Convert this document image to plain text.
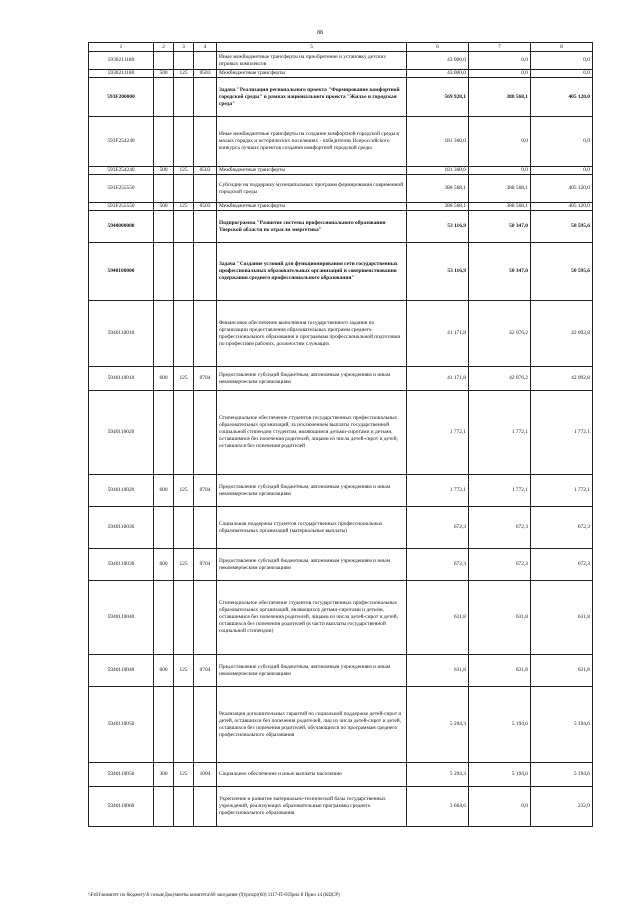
88
1	2	3	4	5	6	7	8
5930211180				Иные межбюджетные трансферты на приобретение и установку детских игровых комплексов	43 000,0	0,0	0,0
5930211180	500	125	0503	Межбюджетные трансферты	43 000,0	0,0	0,0
593F200000				Задача "Реализация регионального проекта "Формирование комфортной городской среды" в рамках национального проекта "Жилье и городская среда"	569 928,1	388 568,1	405 120,0
593F254240				Иные межбюджетные трансферты на создание комфортной городской среды в малых городах и исторических поселениях - победителях Всероссийского конкурса лучших проектов создания комфортной городской среды	181 360,0	0,0	0,0
593F254240	500	125	0503	Межбюджетные трансферты	181 360,0	0,0	0,0
593F255550				Субсидии на поддержку муниципальных программ формирования современной городской среды	388 568,1	388 568,1	405 120,0
593F255550	500	125	0503	Межбюджетные трансферты	388 568,1	388 568,1	405 120,0
5940000000				Подпрограмма "Развитие системы профессионального образования Тверской области по отрасли энергетика"	53 116,9	50 347,0	50 595,6
5940100000				Задача "Создание условий для функционирования сети государственных профессиональных образовательных организаций и совершенствования содержания среднего профессионального образования"	53 116,9	50 347,0	50 595,6
5940110010				Финансовое обеспечение выполнения государственного задания по организации предоставления образовательных программ среднего профессионального образования и программам профессиональной подготовки по профессиям рабочих, должностям служащих	41 171,8	42 076,2	42 092,8
5940110010	600	125	0704	Предоставление субсидий бюджетным, автономным учреждениям и иным некоммерческим организациям	41 171,8	42 076,2	42 092,8
5940110020				Стипендиальное обеспечение студентов государственных профессиональных образовательных организаций, за исключением выплаты государственной социальной стипендии студентам, являющимся детьми-сиротами и детьми, оставшимися без попечения родителей, лицами из числа детей-сирот и детей, оставшихся без попечения родителей	1 772,1	1 772,1	1 772,1
5940110020	600	125	0704	Предоставление субсидий бюджетным, автономным учреждениям и иным некоммерческим организациям	1 772,1	1 772,1	1 772,1
5940110030				Социальная поддержка студентов государственных профессиональных образовательных организаций (материальные выплаты)	672,3	672,3	672,3
5940110030	600	125	0704	Предоставление субсидий бюджетным, автономным учреждениям и иным некоммерческим организациям	672,3	672,3	672,3
5940110040				Стипендиальное обеспечение студентов государственных профессиональных образовательных организаций, являющихся детьми-сиротами и детьми, оставшимися без попечения родителей, лицами из числа детей-сирот и детей, оставшихся без попечения родителей (в части выплаты государственной социальной стипендии)	631,8	631,8	631,8
5940110040	600	125	0704	Предоставление субсидий бюджетным, автономным учреждениям и иным некоммерческим организациям	631,8	631,8	631,8
5940110050				Реализация дополнительных гарантий по социальной поддержке детей-сирот и детей, оставшихся без попечения родителей, лиц из числа детей-сирот и детей, оставшихся без попечения родителей, обучающихся по программам среднего профессионального образования	5 204,3	5 194,6	5 194,6
5940110050	300	125	1004	Социальное обеспечение и иные выплаты населению	5 204,3	5 194,6	5 194,6
5940110060				Укрепление и развитие материально-технической базы государственных учреждений, реализующих образовательные программы среднего профессионального образования	3 664,6	0,0	232,0
\\Fs01\комитет по бюджету\6 созыв\Документы комитета\60 заседание (9)\prizpr(60) 1117-П-6\Прил 8 Прил 14 (КЦСР)
